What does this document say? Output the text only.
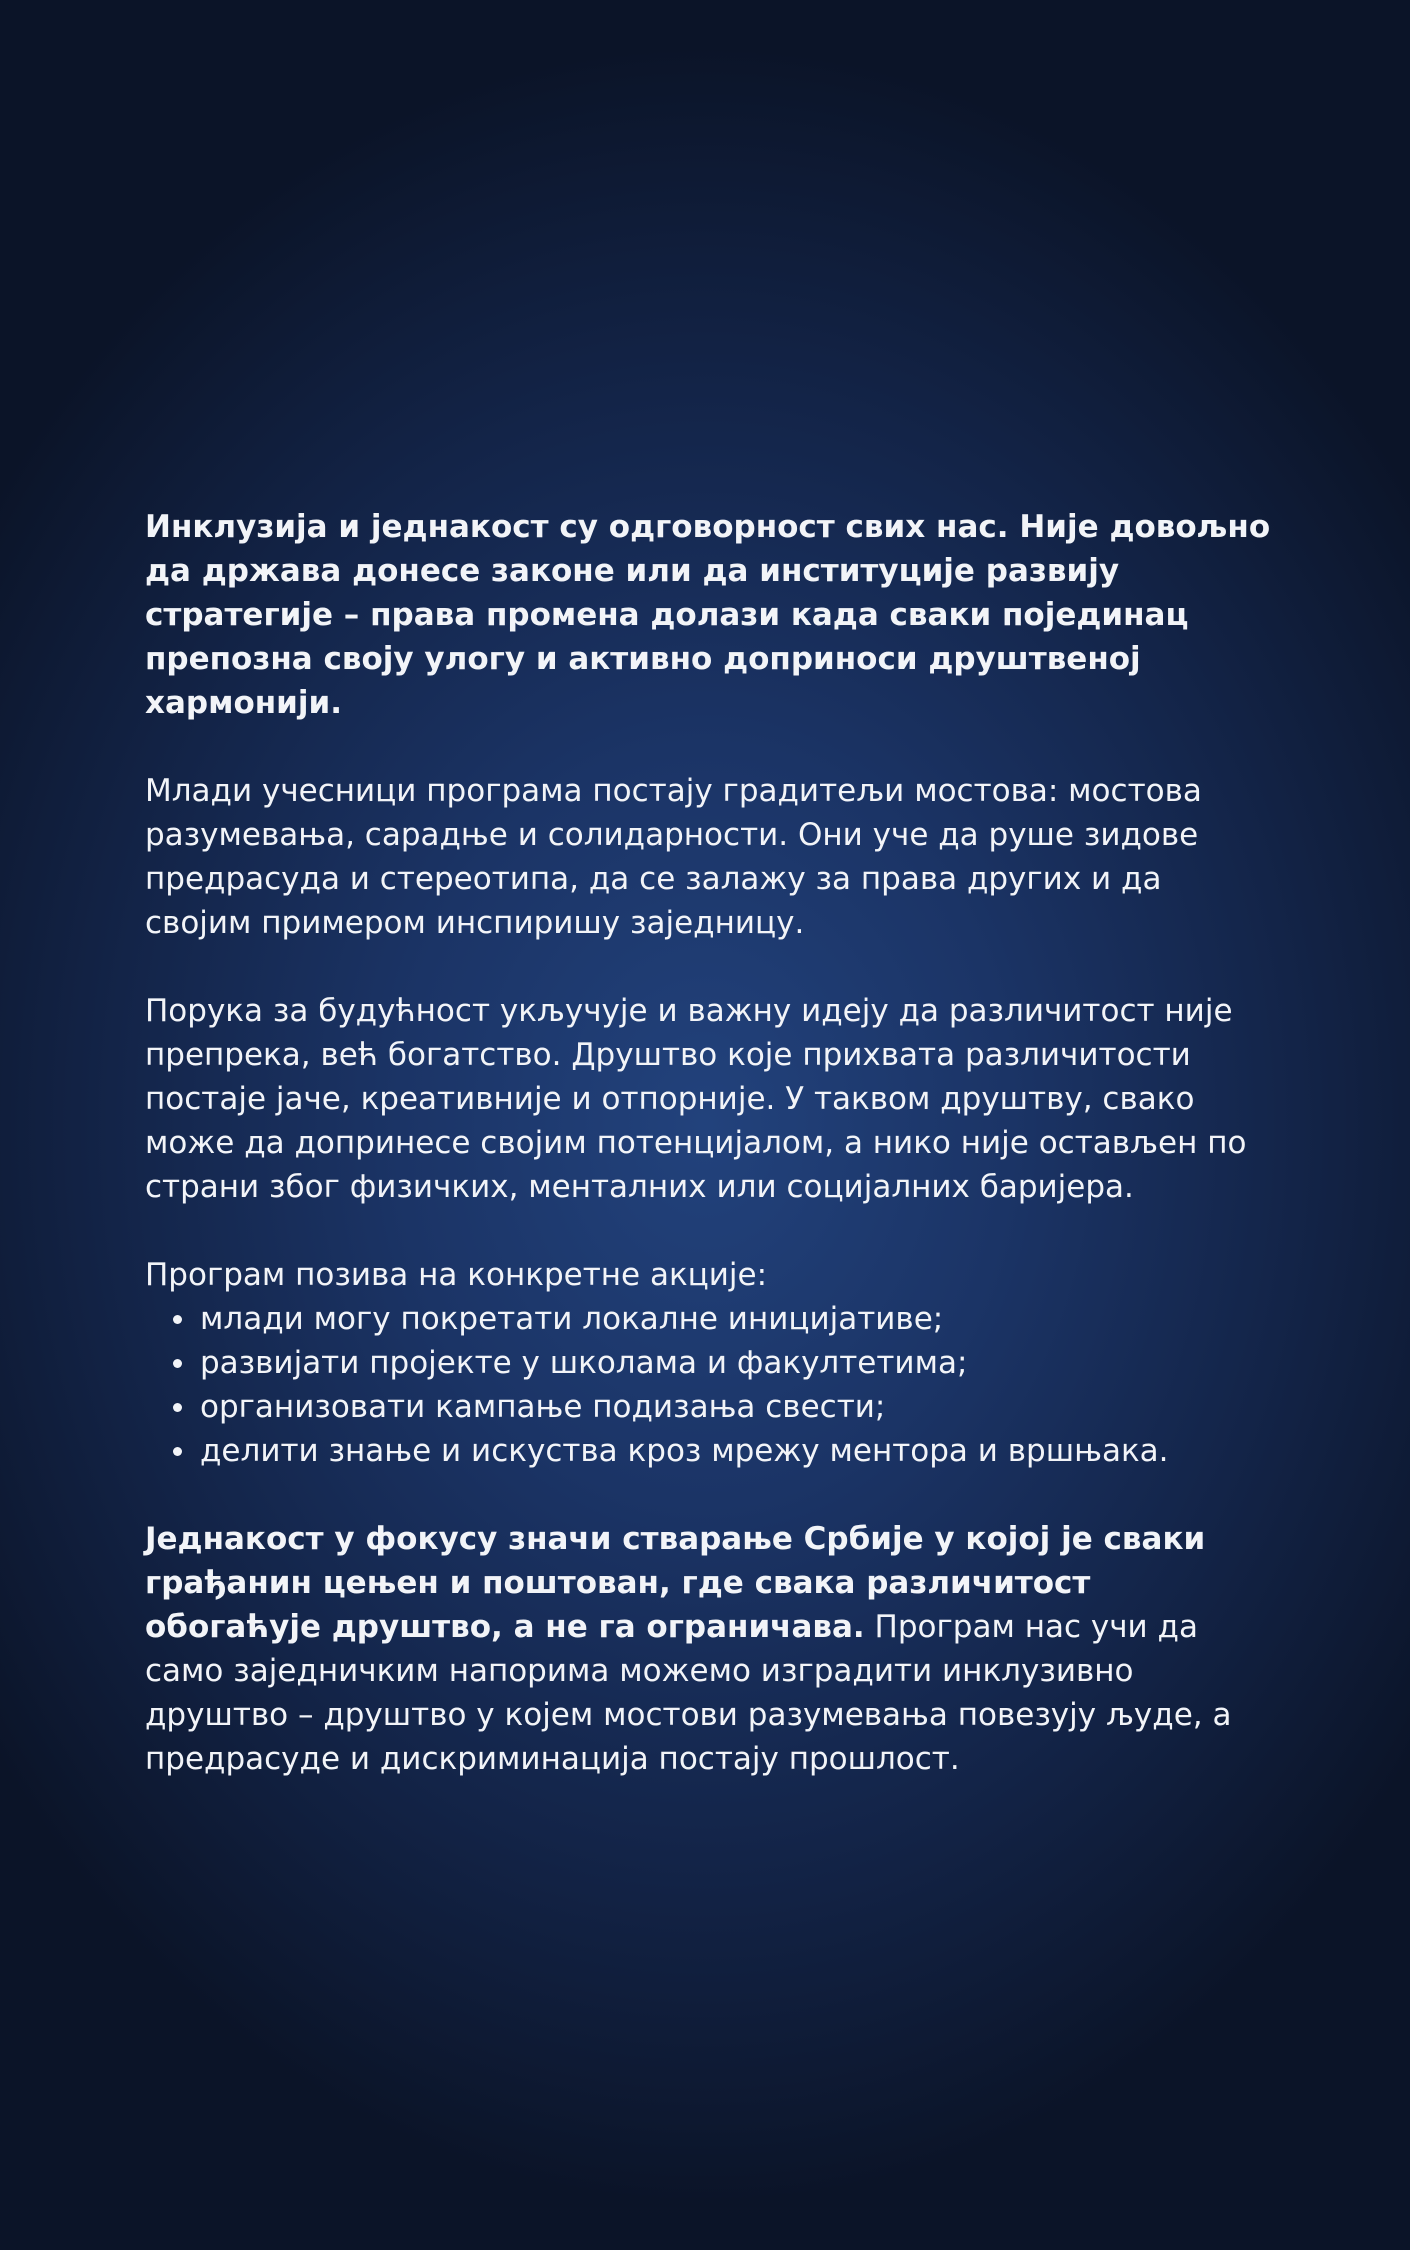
Инклузија и једнакост су одговорност свих нас. Није довољно да држава донесе законе или да институције развију стратегије – права промена долази када сваки појединац препозна своју улогу и активно доприноси друштвеној хармонији.

Млади учесници програма постају градитељи мостова: мостова разумевања, сарадње и солидарности. Они уче да руше зидове предрасуда и стереотипа, да се залажу за права других и да својим примером инспиришу заједницу.

Порука за будућност укључује и важну идеју да различитост није препрека, већ богатство. Друштво које прихвата различитости постаје јаче, креативније и отпорније. У таквом друштву, свако може да допринесе својим потенцијалом, а нико није остављен по страни због физичких, менталних или социјалних баријера.

Програм позива на конкретне акције:

млади могу покретати локалне иницијативе;
развијати пројекте у школама и факултетима;
организовати кампање подизања свести;
делити знање и искуства кроз мрежу ментора и вршњака.

Једнакост у фокусу значи стварање Србије у којој је сваки грађанин цењен и поштован, где свака различитост обогаћује друштво, а не га ограничава. Програм нас учи да само заједничким напорима можемо изградити инклузивно друштво – друштво у којем мостови разумевања повезују људе, а предрасуде и дискриминација постају прошлост.
